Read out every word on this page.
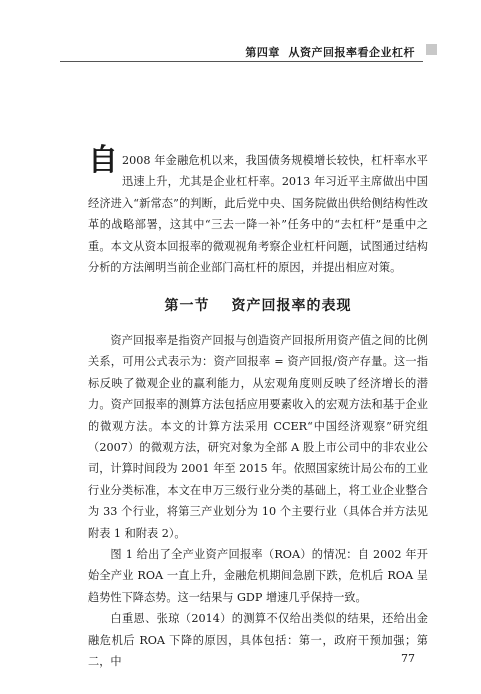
第四章 从资产回报率看企业杠杆

自 2008 年金融危机以来，我国债务规模增长较快，杠杆率水平迅速上升，尤其是企业杠杆率。2013 年习近平主席做出中国经济进入“新常态”的判断，此后党中央、国务院做出供给侧结构性改革的战略部署，这其中“三去一降一补”任务中的“去杠杆”是重中之重。本文从资本回报率的微观视角考察企业杠杆问题，试图通过结构分析的方法阐明当前企业部门高杠杆的原因，并提出相应对策。

第一节 资产回报率的表现

资产回报率是指资产回报与创造资产回报所用资产值之间的比例关系，可用公式表示为：资产回报率 = 资产回报/资产存量。这一指标反映了微观企业的赢利能力，从宏观角度则反映了经济增长的潜力。资产回报率的测算方法包括应用要素收入的宏观方法和基于企业的微观方法。本文的计算方法采用 CCER“中国经济观察”研究组（2007）的微观方法，研究对象为全部 A 股上市公司中的非农业公司，计算时间段为 2001 年至 2015 年。依照国家统计局公布的工业行业分类标准，本文在申万三级行业分类的基础上，将工业企业整合为 33 个行业，将第三产业划分为 10 个主要行业（具体合并方法见附表 1 和附表 2）。

图 1 给出了全产业资产回报率（ROA）的情况：自 2002 年开始全产业 ROA 一直上升，金融危机期间急剧下跌，危机后 ROA 呈趋势性下降态势。这一结果与 GDP 增速几乎保持一致。

白重恩、张琼（2014）的测算不仅给出类似的结果，还给出金融危机后 ROA 下降的原因，具体包括：第一，政府干预加强；第二，中	77
